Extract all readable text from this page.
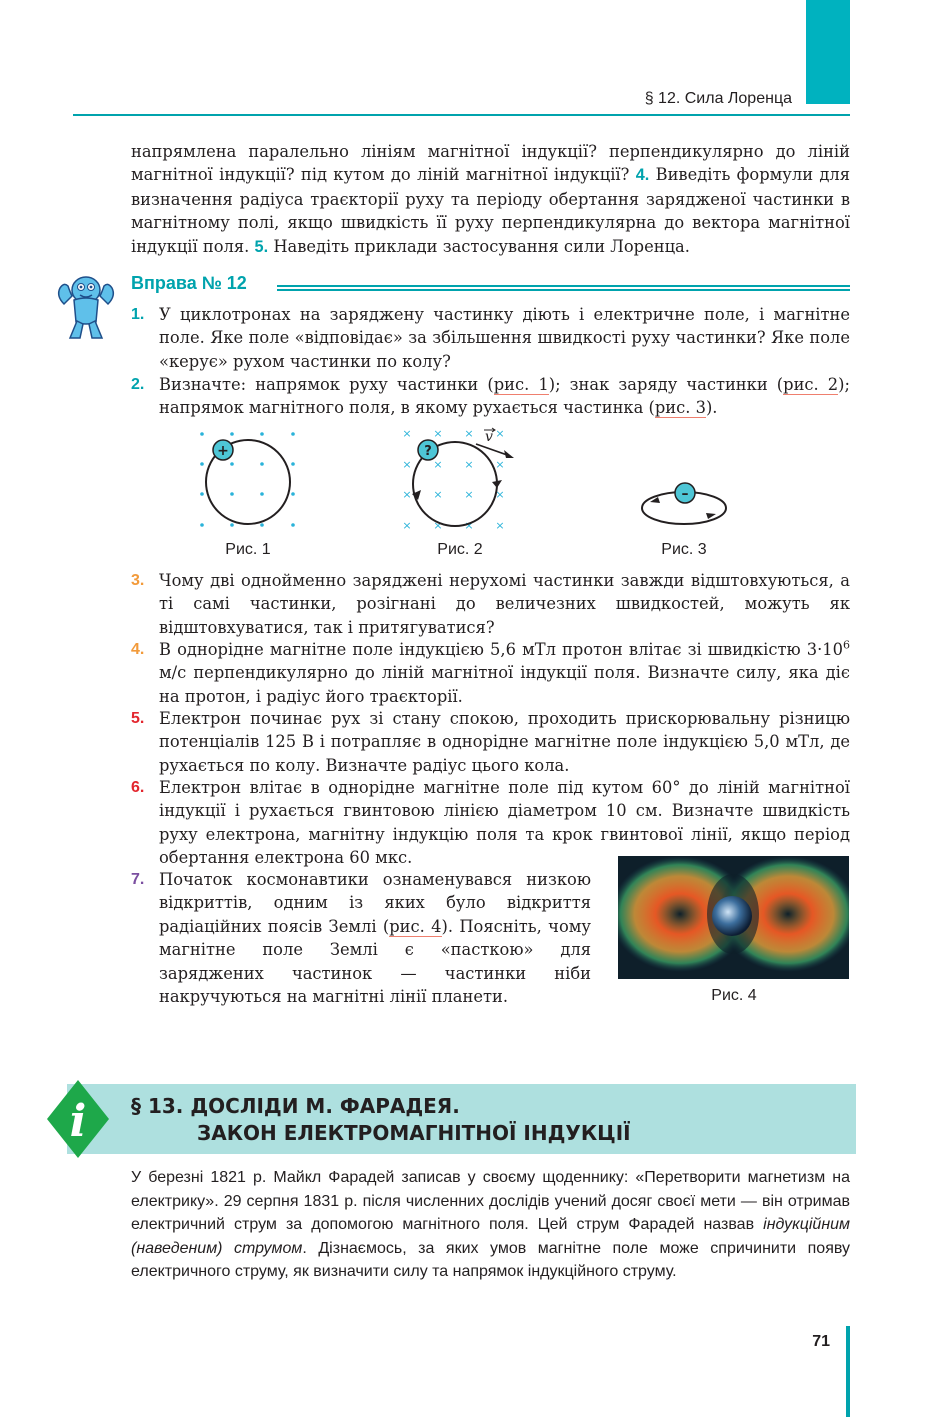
§ 12. Сила Лоренца
напрямлена паралельно лініям магнітної індукції? перпендикулярно до ліній магнітної індукції? під кутом до ліній магнітної індукції? 4. Виведіть формули для визначення радіуса траєкторії руху та періоду обертання зарядженої частинки в магнітному полі, якщо швидкість її руху перпендикулярна до вектора магнітної індукції поля. 5. Наведіть приклади застосування сили Лоренца.
Вправа № 12
1. У циклотронах на заряджену частинку діють і електричне поле, і магнітне поле. Яке поле «відповідає» за збільшення швидкості руху частинки? Яке поле «керує» рухом частинки по колу?
2. Визначте: напрямок руху частинки (рис. 1); знак заряду частинки (рис. 2); напрямок магнітного поля, в якому рухається частинка (рис. 3).
+
Рис. 1
× × × ×
× × × ×
× × × ×
× × × ×
v
?
Рис. 2
–
Рис. 3
3. Чому дві однойменно заряджені нерухомі частинки завжди відштовхуються, а ті самі частинки, розігнані до величезних швидкостей, можуть як відштовхуватися, так і притягуватися?
4. В однорідне магнітне поле індукцією 5,6 мТл протон влітає зі швидкістю $3\cdot 10^6$ м/с перпендикулярно до ліній магнітної індукції поля. Визначте силу, яка діє на протон, і радіус його траєкторії.
5. Електрон починає рух зі стану спокою, проходить прискорювальну різницю потенціалів 125 В і потрапляє в однорідне магнітне поле індукцією 5,0 мТл, де рухається по колу. Визначте радіус цього кола.
6. Електрон влітає в однорідне магнітне поле під кутом 60° до ліній магнітної індукції і рухається гвинтовою лінією діаметром 10 см. Визначте швидкість руху електрона, магнітну індукцію поля та крок гвинтової лінії, якщо період обертання електрона 60 мкс.
7. Початок космонавтики ознаменувався низкою відкриттів, одним із яких було відкриття радіаційних поясів Землі (рис. 4). Поясніть, чому магнітне поле Землі є «пасткою» для заряджених частинок — частинки ніби накручуються на магнітні лінії планети.	Рис. 4
i § 13. ДОСЛІДИ М. ФАРАДЕЯ.
ЗАКОН ЕЛЕКТРОМАГНІТНОЇ ІНДУКЦІЇ
У березні 1821 р. Майкл Фарадей записав у своєму щоденнику: «Перетворити магнетизм на електрику». 29 серпня 1831 р. після численних дослідів учений досяг своєї мети — він отримав електричний струм за допомогою магнітного поля. Цей струм Фарадей назвав індукційним (наведеним) струмом. Дізнаємось, за яких умов магнітне поле може спричинити появу електричного струму, як визначити силу та напрямок індукційного струму.
71
